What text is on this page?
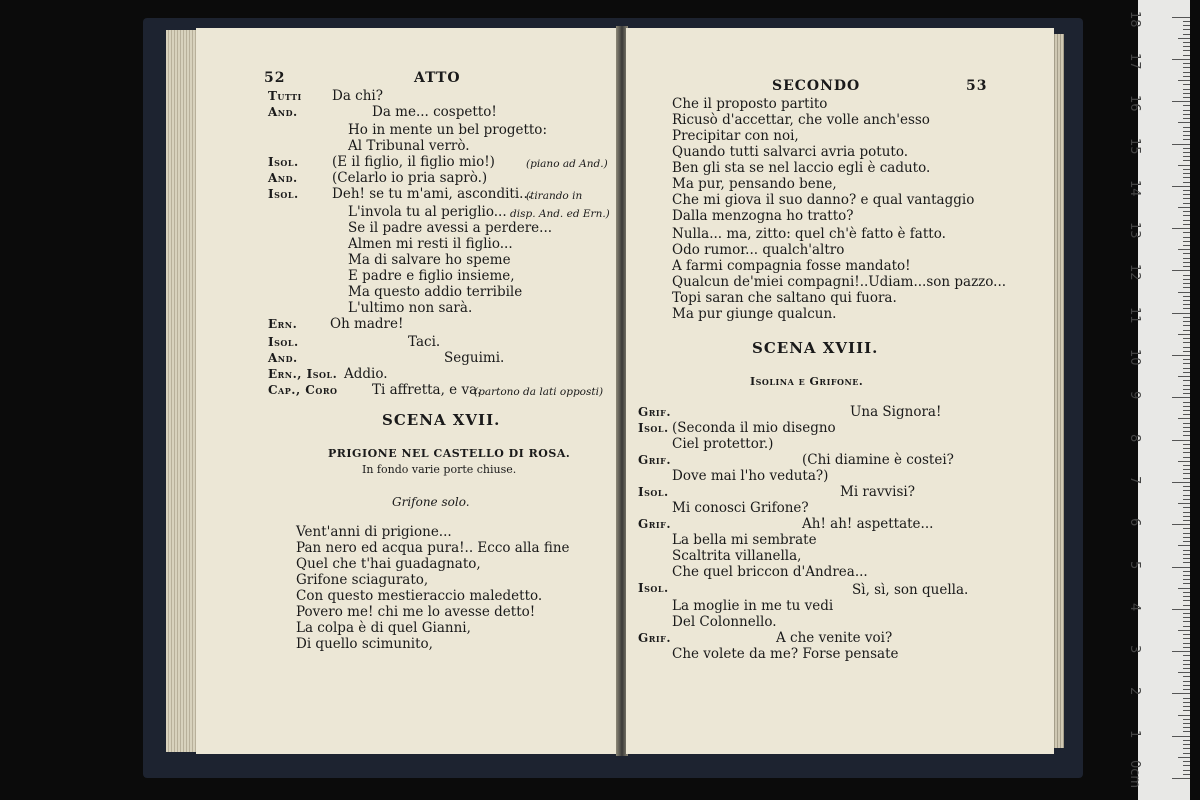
52	ATTO
Tutti Da chi?
And.	Da me... cospetto!
Ho in mente un bel progetto:
Al Tribunal verrò.
Isol. (E il figlio, il figlio mio!)	(piano ad And.)
And.	(Celarlo io pria saprò.)
Isol. Deh! se tu m'ami, asconditi...
(tirando in
L'invola tu al periglio... disp. And. ed Ern.)
Se il padre avessi a perdere...
Almen mi resti il figlio...
Ma di salvare ho speme
E padre e figlio insieme,
Ma questo addio terribile
L'ultimo non sarà.
Ern. Oh madre!
Isol.	Taci.
And.	Seguimi.
Ern., Isol. Addio.
Cap., Coro	Ti affretta, e va.
(partono da lati opposti)
SCENA XVII.
PRIGIONE NEL CASTELLO DI ROSA.
In fondo varie porte chiuse.
Grifone solo.
Vent'anni di prigione...
Pan nero ed acqua pura!.. Ecco alla fine
Quel che t'hai guadagnato,
Grifone sciagurato,
Con questo mestieraccio maledetto.
Povero me! chi me lo avesse detto!
La colpa è di quel Gianni,
Di quello scimunito,
SECONDO	53
Che il proposto partito
Ricusò d'accettar, che volle anch'esso
Precipitar con noi,
Quando tutti salvarci avria potuto.
Ben gli sta se nel laccio egli è caduto.
Ma pur, pensando bene,
Che mi giova il suo danno? e qual vantaggio
Dalla menzogna ho tratto?
Nulla... ma, zitto: quel ch'è fatto è fatto.
Odo rumor... qualch'altro
A farmi compagnia fosse mandato!
Qualcun de'miei compagni!..Udiam...son pazzo...
Topi saran che saltano qui fuora.
Ma pur giunge qualcun.
SCENA XVIII.
Isolina e Grifone.
Grif.	Una Signora!
Isol. (Seconda il mio disegno
Ciel protettor.)
Grif.	(Chi diamine è costei?
Dove mai l'ho veduta?)
Isol.	Mi ravvisi?
Mi conosci Grifone?
Grif.	Ah! ah! aspettate...
La bella mi sembrate
Scaltrita villanella,
Che quel briccon d'Andrea...
Isol.	Sì, sì, son quella.
La moglie in me tu vedi
Del Colonnello.
Grif.	A che venite voi?
Che volete da me? Forse pensate
0cm
1
2
3
4
5
6
7
8
9
10
11
12
13
14
15
16
17
18
